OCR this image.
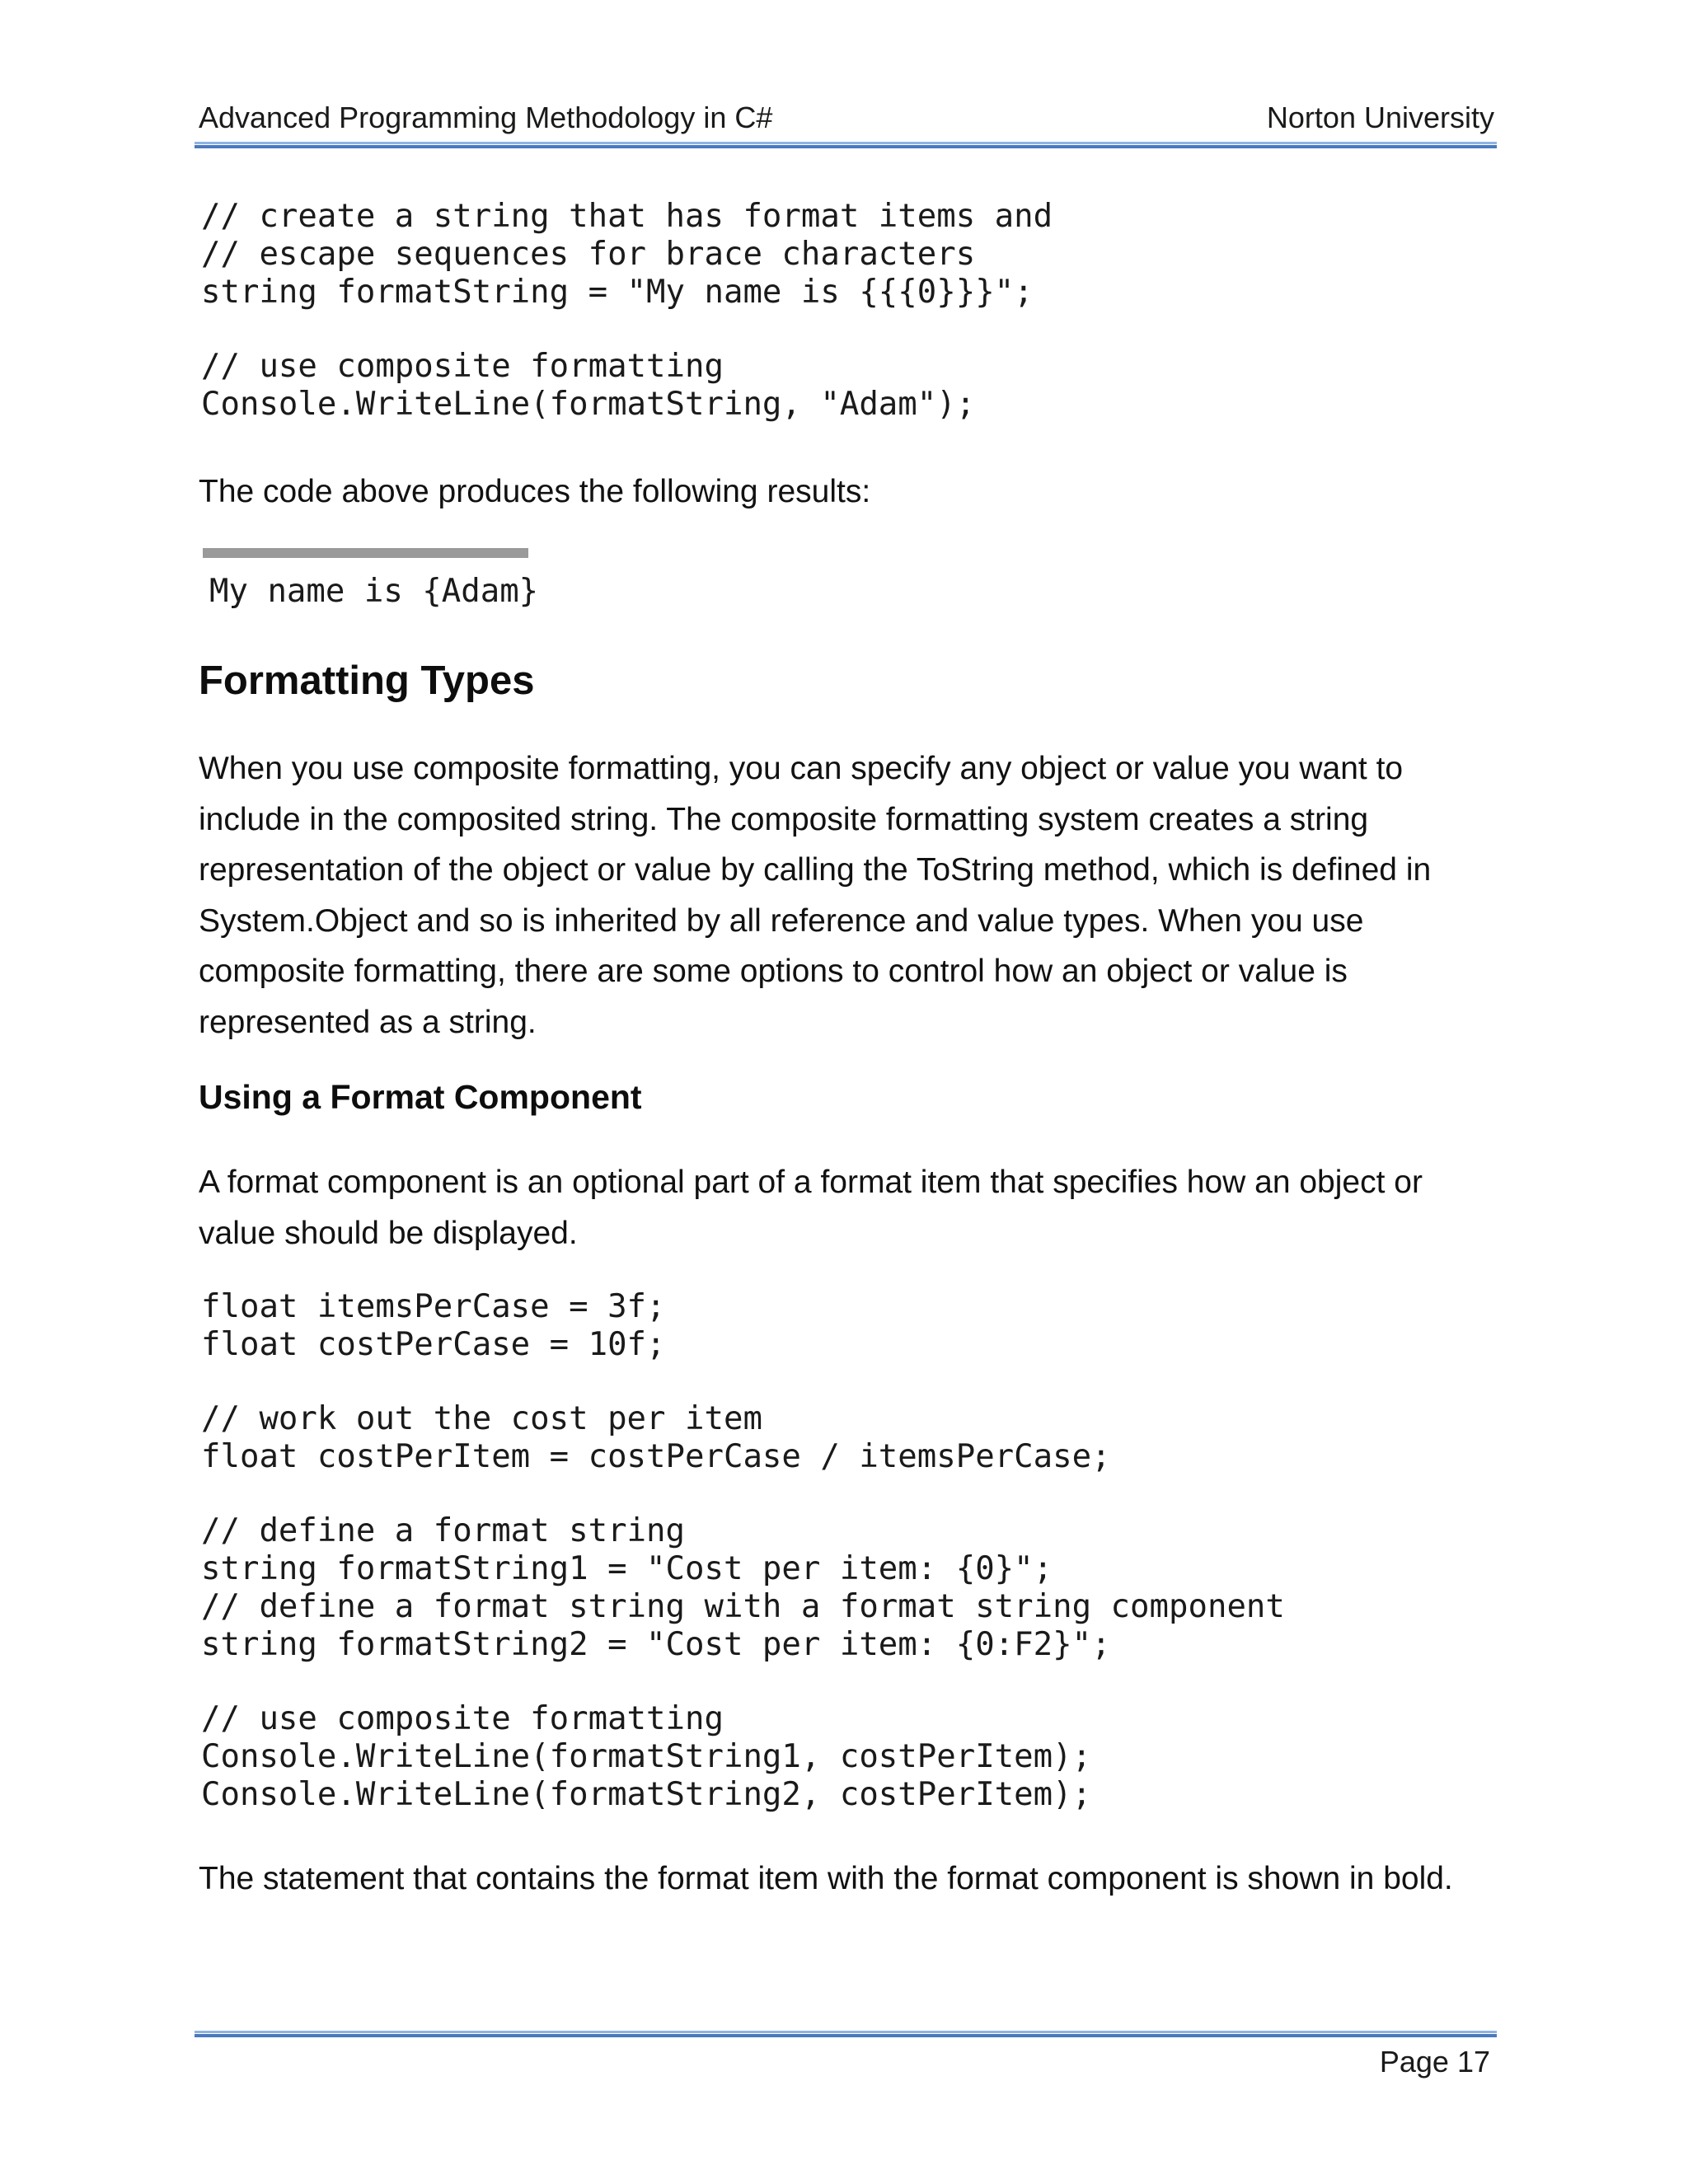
Advanced Programming Methodology in C#	Norton University
// create a string that has format items and
// escape sequences for brace characters
string formatString = "My name is {{{0}}}";
// use composite formatting
Console.WriteLine(formatString, "Adam");

The code above produces the following results:

My name is {Adam}
Formatting Types

When you use composite formatting, you can specify any object or value you want to include in the composited string. The composite formatting system creates a string representation of the object or value by calling the ToString method, which is defined in System.Object and so is inherited by all reference and value types. When you use composite formatting, there are some options to control how an object or value is represented as a string.

Using a Format Component

A format component is an optional part of a format item that specifies how an object or value should be displayed.

float itemsPerCase = 3f;
float costPerCase = 10f;
// work out the cost per item
float costPerItem = costPerCase / itemsPerCase;
// define a format string
string formatString1 = "Cost per item: {0}";
// define a format string with a format string component
string formatString2 = "Cost per item: {0:F2}";
// use composite formatting
Console.WriteLine(formatString1, costPerItem);
Console.WriteLine(formatString2, costPerItem);

The statement that contains the format item with the format component is shown in bold.

Page 17
